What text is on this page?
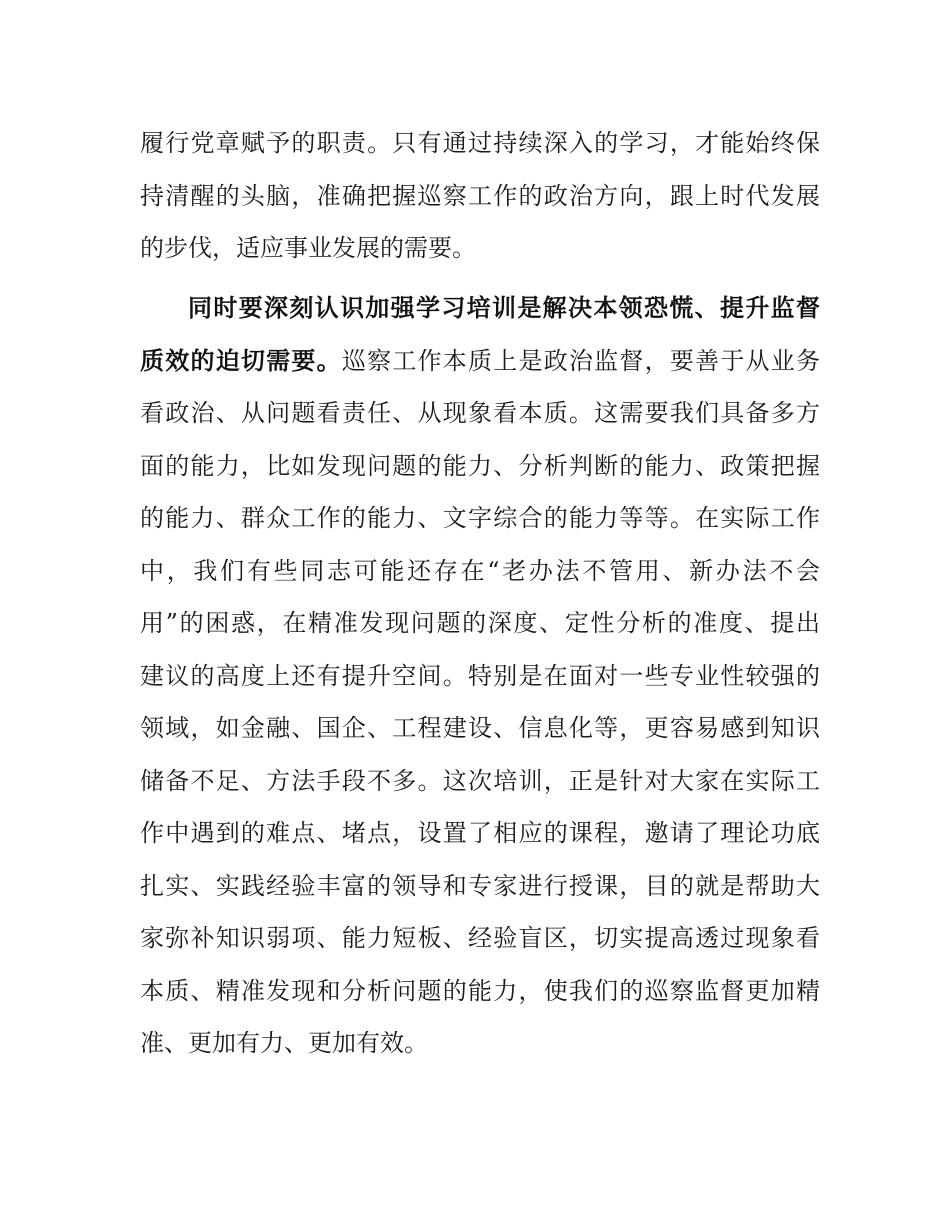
履行党章赋予的职责。只有通过持续深入的学习，才能始终保
持清醒的头脑，准确把握巡察工作的政治方向，跟上时代发展
的步伐，适应事业发展的需要。
同时要深刻认识加强学习培训是解决本领恐慌、提升监督
质效的迫切需要。巡察工作本质上是政治监督，要善于从业务
看政治、从问题看责任、从现象看本质。这需要我们具备多方
面的能力，比如发现问题的能力、分析判断的能力、政策把握
的能力、群众工作的能力、文字综合的能力等等。在实际工作
中，我们有些同志可能还存在“老办法不管用、新办法不会
用”的困惑，在精准发现问题的深度、定性分析的准度、提出
建议的高度上还有提升空间。特别是在面对一些专业性较强的
领域，如金融、国企、工程建设、信息化等，更容易感到知识
储备不足、方法手段不多。这次培训，正是针对大家在实际工
作中遇到的难点、堵点，设置了相应的课程，邀请了理论功底
扎实、实践经验丰富的领导和专家进行授课，目的就是帮助大
家弥补知识弱项、能力短板、经验盲区，切实提高透过现象看
本质、精准发现和分析问题的能力，使我们的巡察监督更加精
准、更加有力、更加有效。
